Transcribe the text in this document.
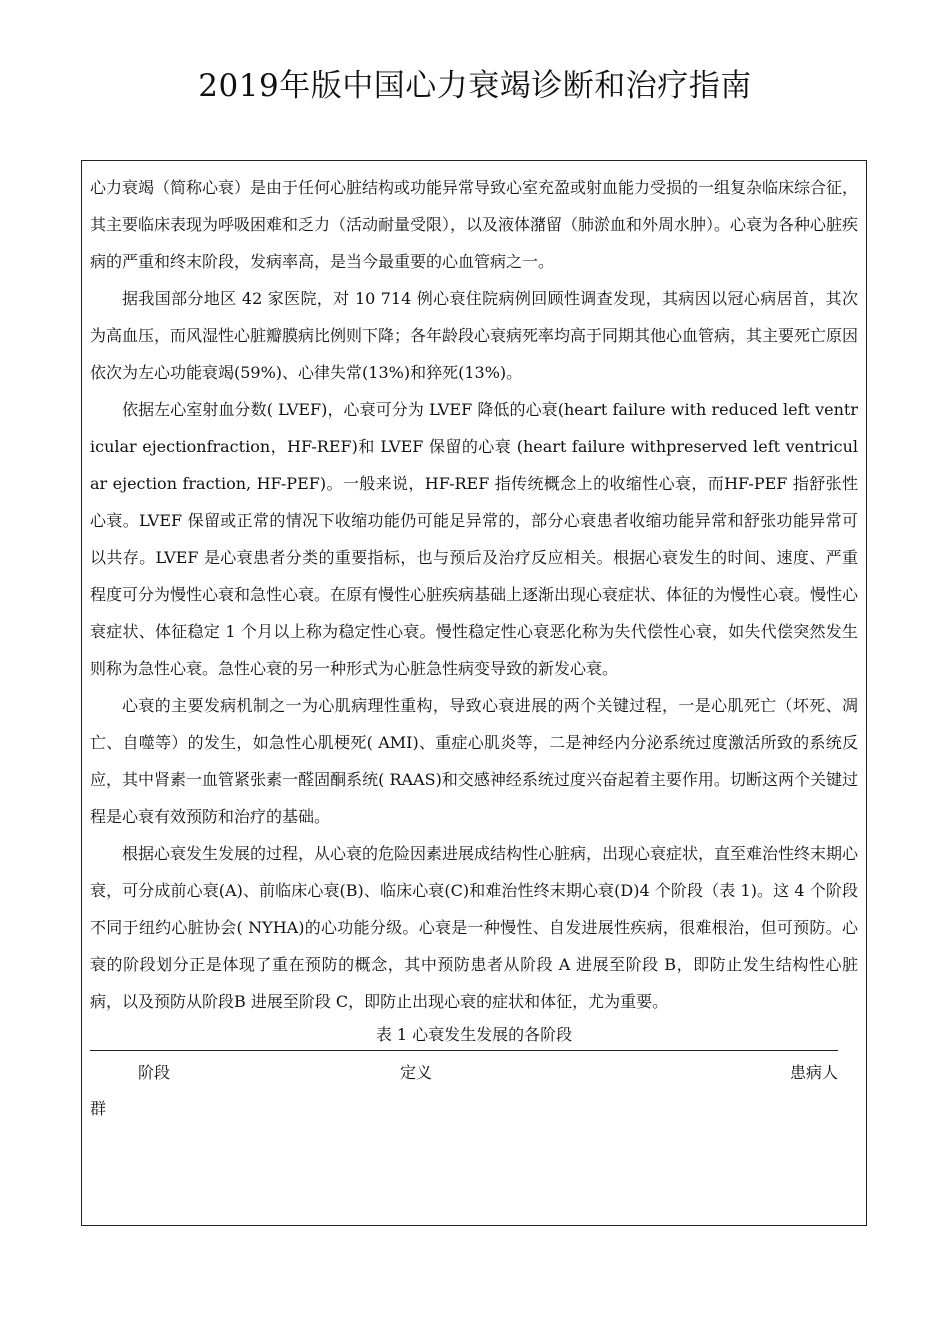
2019年版中国心力衰竭诊断和治疗指南

心力衰竭（简称心衰）是由于任何心脏结构或功能异常导致心室充盈或射血能力受损的一组复杂临床综合征，其主要临床表现为呼吸困难和乏力（活动耐量受限），以及液体潴留（肺淤血和外周水肿）。心衰为各种心脏疾病的严重和终末阶段，发病率高，是当今最重要的心血管病之一。

据我国部分地区 42 家医院，对 10 714 例心衰住院病例回顾性调查发现，其病因以冠心病居首，其次为高血压，而风湿性心脏瓣膜病比例则下降；各年龄段心衰病死率均高于同期其他心血管病，其主要死亡原因依次为左心功能衰竭(59%)、心律失常(13%)和猝死(13%)。

依据左心室射血分数( LVEF)，心衰可分为 LVEF 降低的心衰(heart failure with reduced left ventricular ejectionfraction，HF-REF)和 LVEF 保留的心衰 (heart failure withpreserved left ventricular ejection fraction, HF-PEF)。一般来说，HF-REF 指传统概念上的收缩性心衰，而HF-PEF 指舒张性心衰。LVEF 保留或正常的情况下收缩功能仍可能足异常的，部分心衰患者收缩功能异常和舒张功能异常可以共存。LVEF 是心衰患者分类的重要指标，也与预后及治疗反应相关。根据心衰发生的时间、速度、严重程度可分为慢性心衰和急性心衰。在原有慢性心脏疾病基础上逐渐出现心衰症状、体征的为慢性心衰。慢性心衰症状、体征稳定 1 个月以上称为稳定性心衰。慢性稳定性心衰恶化称为失代偿性心衰，如失代偿突然发生则称为急性心衰。急性心衰的另一种形式为心脏急性病变导致的新发心衰。

心衰的主要发病机制之一为心肌病理性重构，导致心衰进展的两个关键过程，一是心肌死亡（坏死、凋亡、自噬等）的发生，如急性心肌梗死( AMI)、重症心肌炎等，二是神经内分泌系统过度激活所致的系统反应，其中肾素一血管紧张素一醛固酮系统( RAAS)和交感神经系统过度兴奋起着主要作用。切断这两个关键过程是心衰有效预防和治疗的基础。

根据心衰发生发展的过程，从心衰的危险因素进展成结构性心脏病，出现心衰症状，直至难治性终末期心衰，可分成前心衰(A)、前临床心衰(B)、临床心衰(C)和难治性终末期心衰(D)4 个阶段（表 1)。这 4 个阶段不同于纽约心脏协会( NYHA)的心功能分级。心衰是一种慢性、自发进展性疾病，很难根治，但可预防。心衰的阶段划分正是体现了重在预防的概念，其中预防患者从阶段 A 进展至阶段 B，即防止发生结构性心脏病，以及预防从阶段B 进展至阶段 C，即防止出现心衰的症状和体征，尤为重要。

表 1 心衰发生发展的各阶段
阶段	定义	患病人
群
